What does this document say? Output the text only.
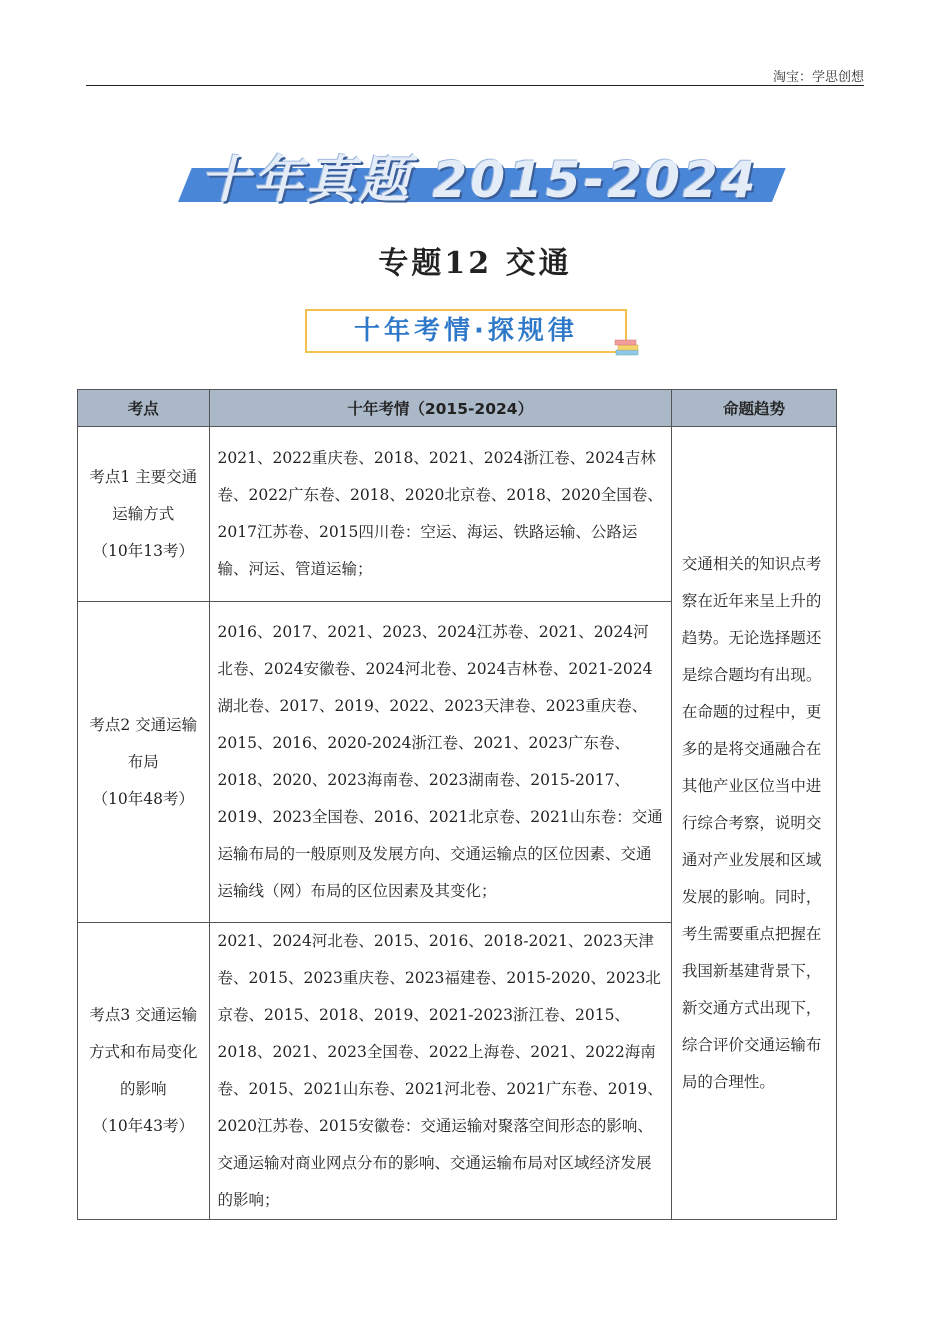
淘宝：学思创想
十年真题 2015-2024
专题12 交通
十年考情·探规律
考点	十年考情（2015-2024）	命题趋势

考点1 主要交通运输方式
（10年13考）	2021、2022重庆卷、2018、2021、2024浙江卷、2024吉林卷、2022广东卷、2018、2020北京卷、2018、2020全国卷、2017江苏卷、2015四川卷：空运、海运、铁路运输、公路运输、河运、管道运输；	交通相关的知识点考察在近年来呈上升的趋势。无论选择题还是综合题均有出现。在命题的过程中，更多的是将交通融合在其他产业区位当中进行综合考察，说明交通对产业发展和区域发展的影响。同时，考生需要重点把握在我国新基建背景下，新交通方式出现下，综合评价交通运输布局的合理性。

考点2 交通运输布局
（10年48考）	2016、2017、2021、2023、2024江苏卷、2021、2024河北卷、2024安徽卷、2024河北卷、2024吉林卷、2021-2024湖北卷、2017、2019、2022、2023天津卷、2023重庆卷、2015、2016、2020-2024浙江卷、2021、2023广东卷、2018、2020、2023海南卷、2023湖南卷、2015-2017、2019、2023全国卷、2016、2021北京卷、2021山东卷：交通运输布局的一般原则及发展方向、交通运输点的区位因素、交通运输线（网）布局的区位因素及其变化；	

考点3 交通运输方式和布局变化的影响
（10年43考）	2021、2024河北卷、2015、2016、2018-2021、2023天津卷、2015、2023重庆卷、2023福建卷、2015-2020、2023北京卷、2015、2018、2019、2021-2023浙江卷、2015、2018、2021、2023全国卷、2022上海卷、2021、2022海南卷、2015、2021山东卷、2021河北卷、2021广东卷、2019、2020江苏卷、2015安徽卷：交通运输对聚落空间形态的影响、交通运输对商业网点分布的影响、交通运输布局对区域经济发展的影响；	
